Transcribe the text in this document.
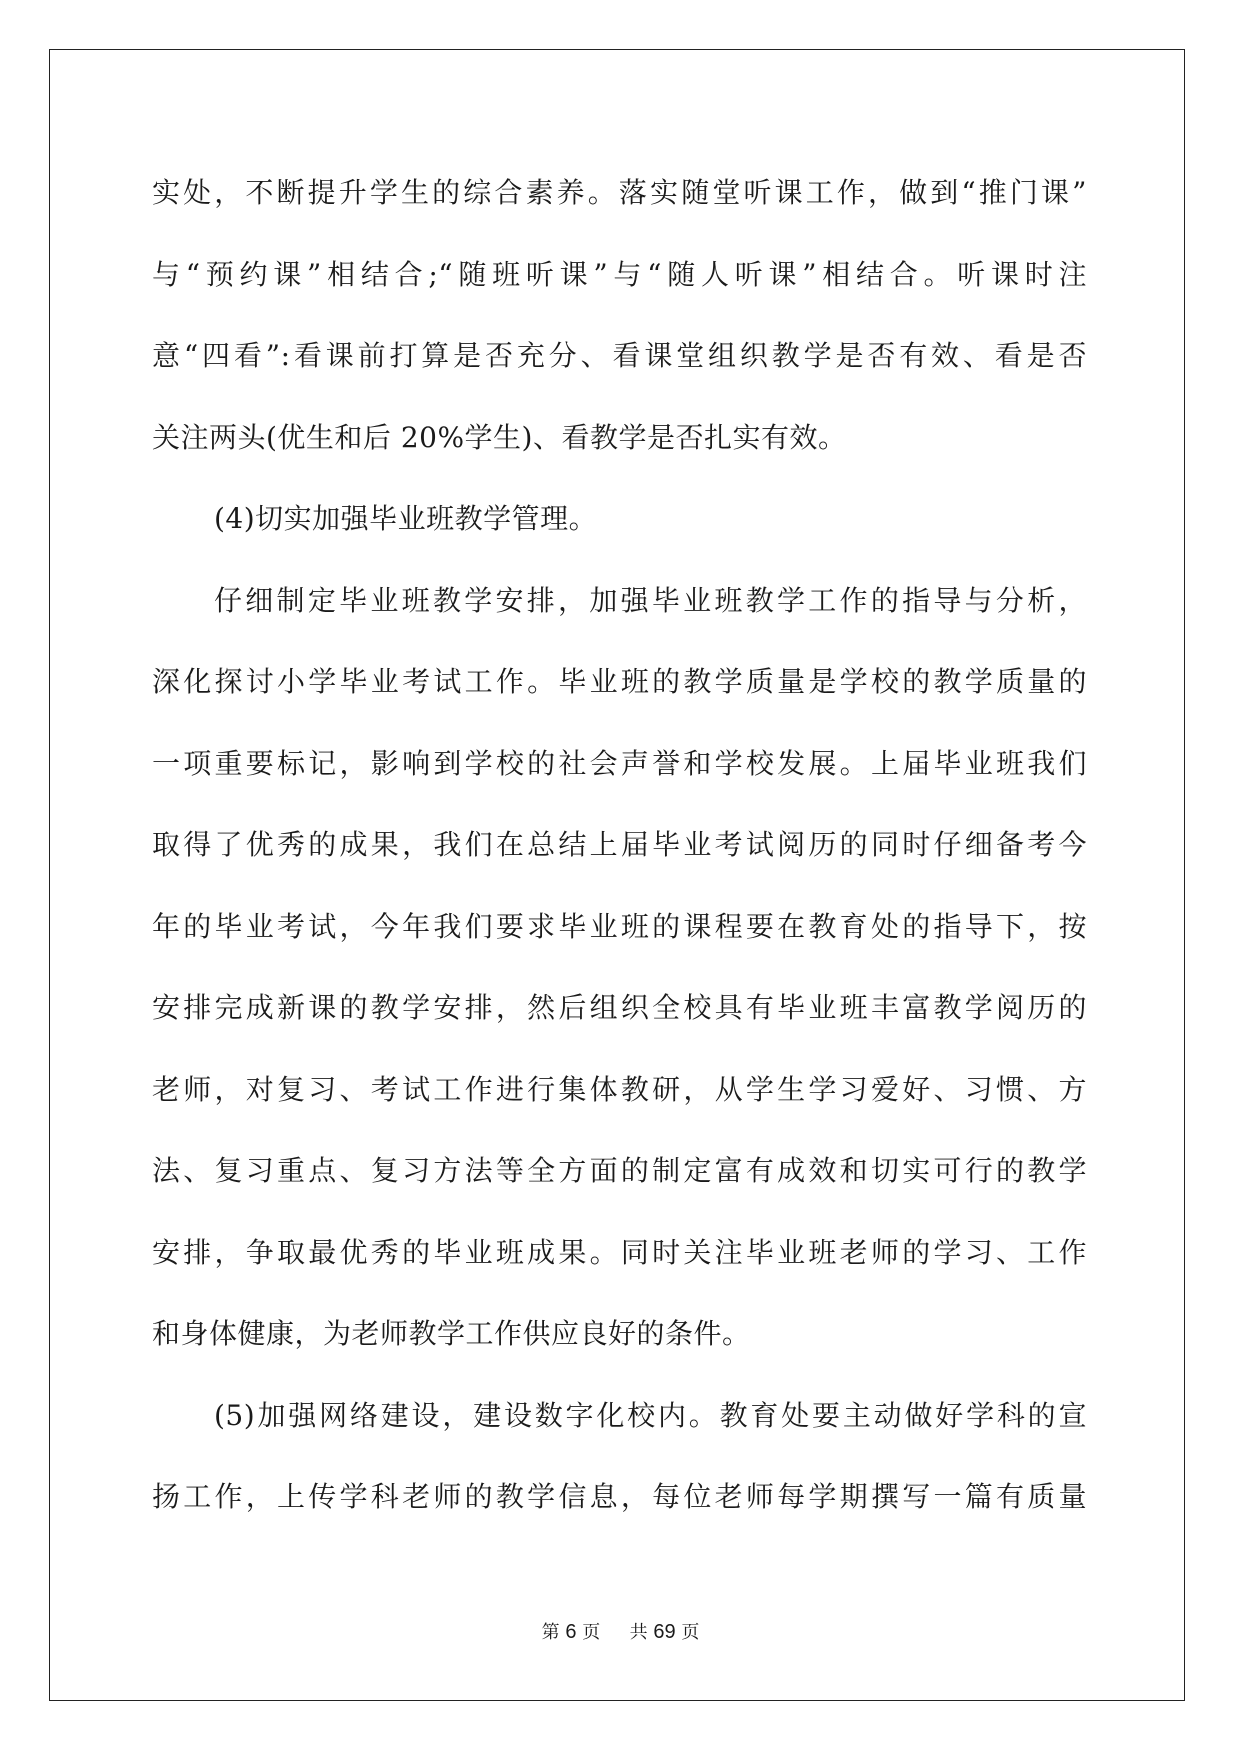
实处，不断提升学生的综合素养。落实随堂听课工作，做到“推门课”
与“预约课”相结合;“随班听课”与“随人听课”相结合。听课时注
意“四看”:看课前打算是否充分、看课堂组织教学是否有效、看是否
关注两头(优生和后 20%学生)、看教学是否扎实有效。
(4)切实加强毕业班教学管理。
仔细制定毕业班教学安排，加强毕业班教学工作的指导与分析，
深化探讨小学毕业考试工作。毕业班的教学质量是学校的教学质量的
一项重要标记，影响到学校的社会声誉和学校发展。上届毕业班我们
取得了优秀的成果，我们在总结上届毕业考试阅历的同时仔细备考今
年的毕业考试，今年我们要求毕业班的课程要在教育处的指导下，按
安排完成新课的教学安排，然后组织全校具有毕业班丰富教学阅历的
老师，对复习、考试工作进行集体教研，从学生学习爱好、习惯、方
法、复习重点、复习方法等全方面的制定富有成效和切实可行的教学
安排，争取最优秀的毕业班成果。同时关注毕业班老师的学习、工作
和身体健康，为老师教学工作供应良好的条件。
(5)加强网络建设，建设数字化校内。教育处要主动做好学科的宣
扬工作，上传学科老师的教学信息，每位老师每学期撰写一篇有质量
第 6 页 共 69 页
